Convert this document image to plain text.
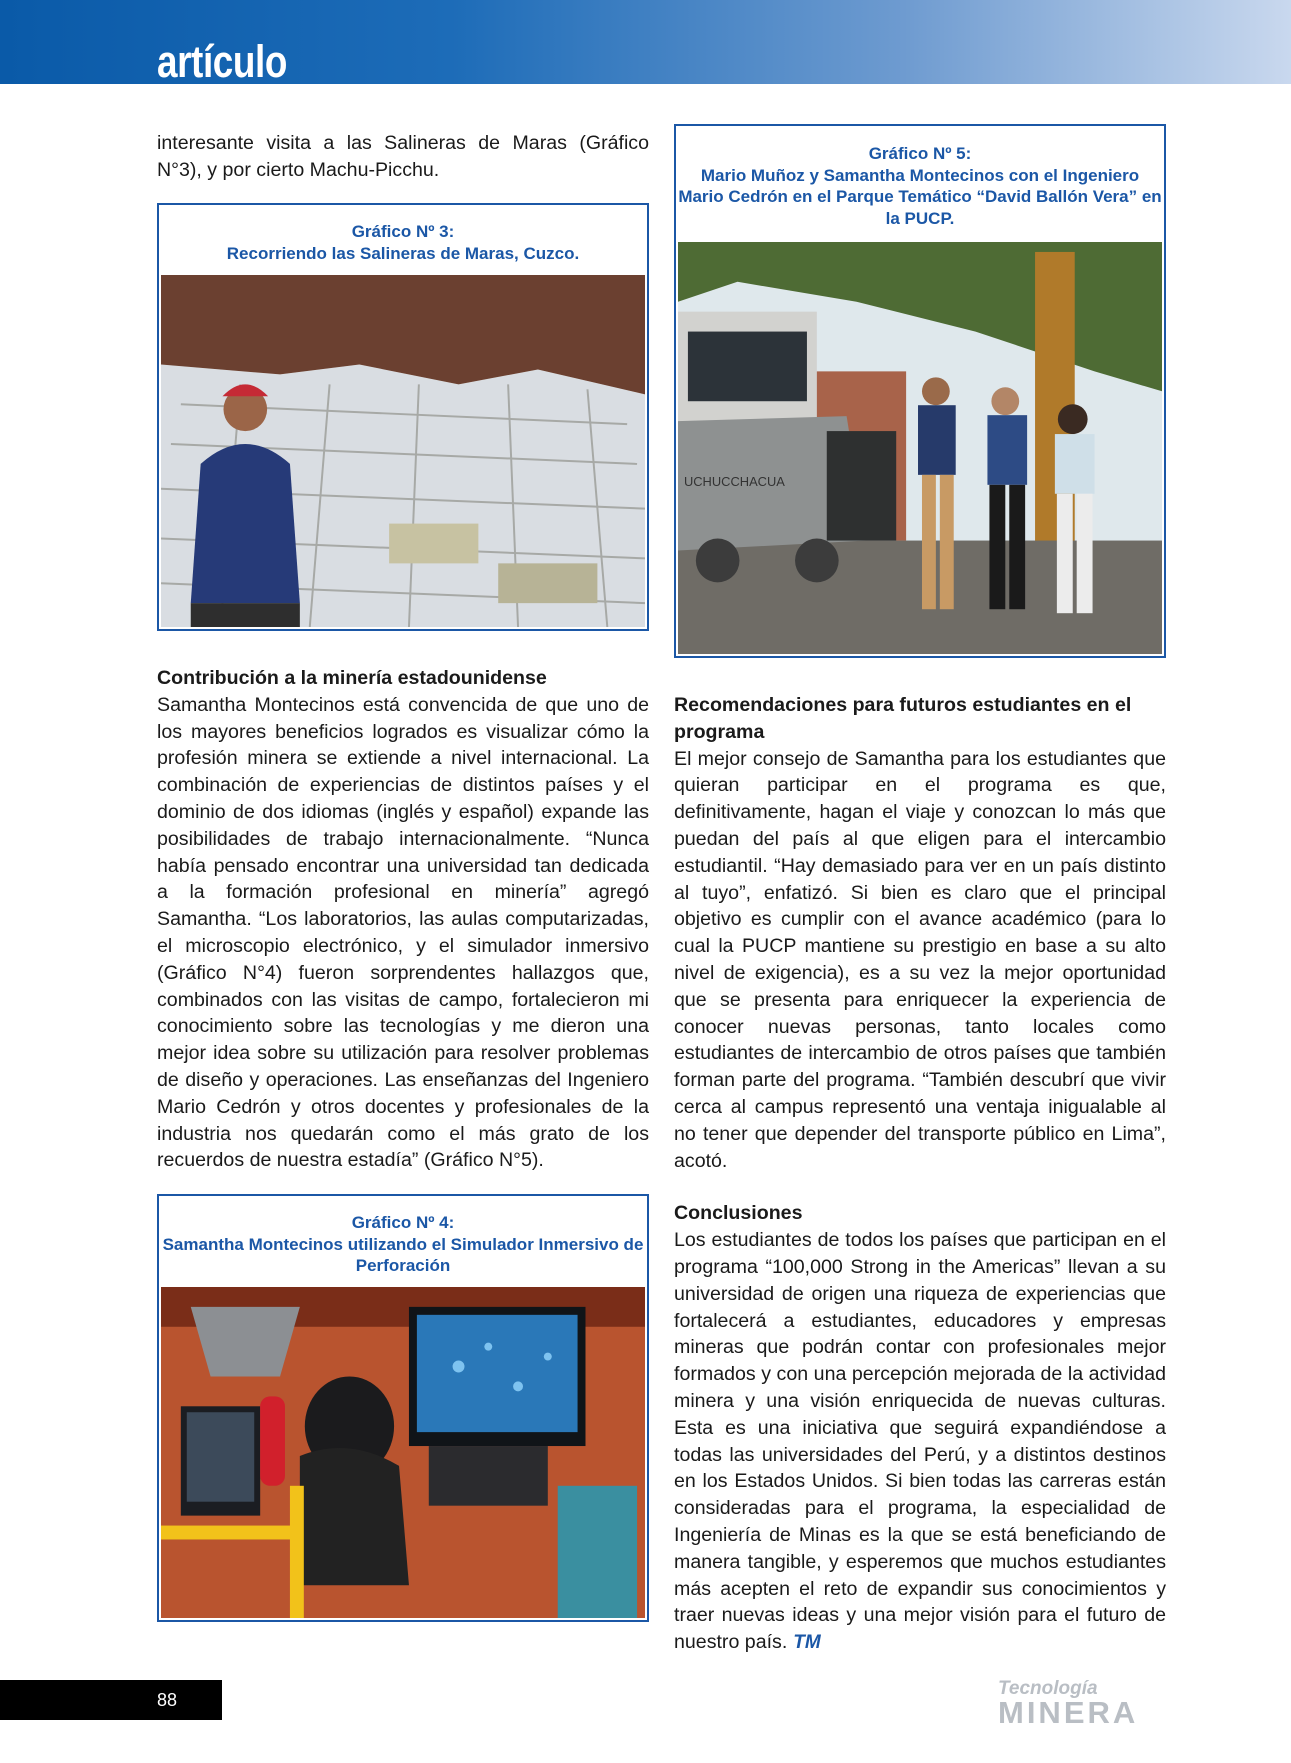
artículo

interesante visita a las Salineras de Maras (Gráfico N°3), y por cierto Machu-Picchu.

Gráfico Nº 3:
Recorriendo las Salineras de Maras, Cuzco.
Contribución a la minería estadounidense

Samantha Montecinos está convencida de que uno de los mayores beneficios logrados es visualizar cómo la profesión minera se extiende a nivel internacional. La combinación de experiencias de distintos países y el dominio de dos idiomas (inglés y español) expande las posibilidades de trabajo internacionalmente. “Nunca había pensado encontrar una universidad tan dedicada a la formación profesional en minería” agregó Samantha. “Los laboratorios, las aulas computarizadas, el microscopio electrónico, y el simulador inmersivo (Gráfico N°4) fueron sorprendentes hallazgos que, combinados con las visitas de campo, fortalecieron mi conocimiento sobre las tecnologías y me dieron una mejor idea sobre su utilización para resolver problemas de diseño y operaciones. Las enseñanzas del Ingeniero Mario Cedrón y otros docentes y profesionales de la industria nos quedarán como el más grato de los recuerdos de nuestra estadía” (Gráfico N°5).

Gráfico Nº 4:
Samantha Montecinos utilizando el Simulador Inmersivo de Perforación
Gráfico Nº 5:
Mario Muñoz y Samantha Montecinos con el Ingeniero Mario Cedrón en el Parque Temático “David Ballón Vera” en la PUCP.
UCHUCCHACUA
Recomendaciones para futuros estudiantes en el programa

El mejor consejo de Samantha para los estudiantes que quieran participar en el programa es que, definitivamente, hagan el viaje y conozcan lo más que puedan del país al que eligen para el intercambio estudiantil. “Hay demasiado para ver en un país distinto al tuyo”, enfatizó. Si bien es claro que el principal objetivo es cumplir con el avance académico (para lo cual la PUCP mantiene su prestigio en base a su alto nivel de exigencia), es a su vez la mejor oportunidad que se presenta para enriquecer la experiencia de conocer nuevas personas, tanto locales como estudiantes de intercambio de otros países que también forman parte del programa. “También descubrí que vivir cerca al campus representó una ventaja inigualable al no tener que depender del transporte público en Lima”, acotó.

Conclusiones

Los estudiantes de todos los países que participan en el programa “100,000 Strong in the Americas” llevan a su universidad de origen una riqueza de experiencias que fortalecerá a estudiantes, educadores y empresas mineras que podrán contar con profesionales mejor formados y con una percepción mejorada de la actividad minera y una visión enriquecida de nuevas culturas. Esta es una iniciativa que seguirá expandiéndose a todas las universidades del Perú, y a distintos destinos en los Estados Unidos. Si bien todas las carreras están consideradas para el programa, la especialidad de Ingeniería de Minas es la que se está beneficiando de manera tangible, y esperemos que muchos estudiantes más acepten el reto de expandir sus conocimientos y traer nuevas ideas y una mejor visión para el futuro de nuestro país. TM

88
Tecnología
MINERA
